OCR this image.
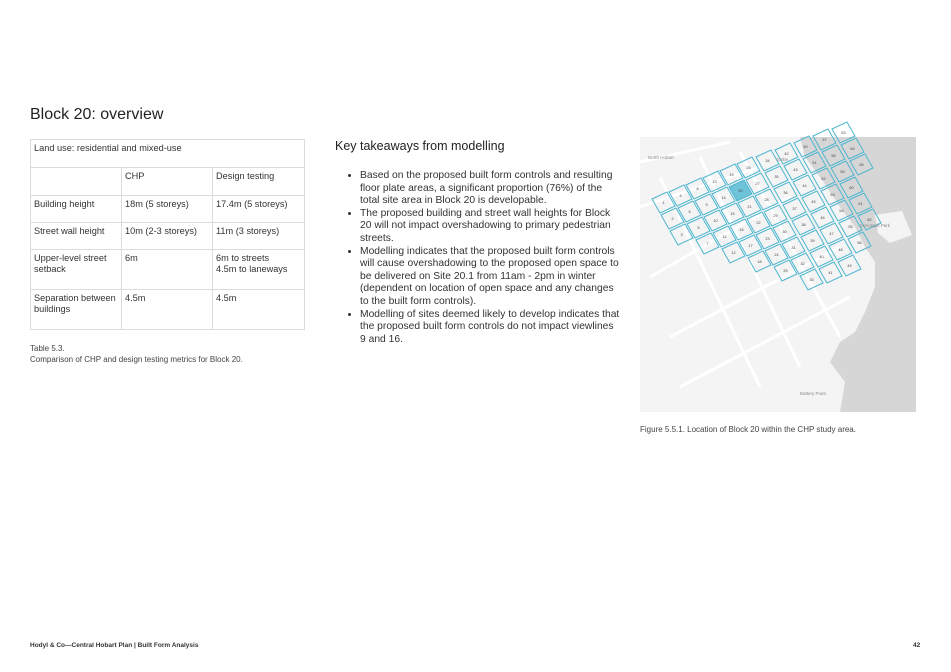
Block 20: overview
Land use: residential and mixed-use		
	CHP	Design testing
Building height	18m (5 storeys)	17.4m (5 storeys)
Street wall height	10m (2-3 storeys)	11m (3 storeys)
Upper-level street setback	6m	6m to streets
4.5m to laneways

Separation between buildings	4.5m	4.5m
Table 5.3.
Comparison of CHP and design testing metrics for Block 20.
Key takeaways from modelling
• Based on the proposed built form controls and resulting floor plate areas, a significant proportion (76%) of the total site area in Block 20 is developable.
• The proposed building and street wall heights for Block 20 will not impact overshadowing to primary pedestrian streets.
• Modelling indicates that the proposed built form controls will cause overshadowing to the proposed open space to be delivered on Site 20.1 from 11am - 2pm in winter (dependent on location of open space and any changes to the built form controls).
• Modelling of sites deemed likely to develop indicates that the proposed built form controls do not impact viewlines 9 and 16.
1
2
3
4
5
6
7
8
9
10
11
12
13
14
15
16
17
18
19
20
21
22
23
24
25
26
27
28
29
30
31
32
33
34
35
36
37
38
39
40
41
42
43
44
45
46
47
48
49
50
51
52
53
54
55
56
57
58
59
60
61
62
63
64
65
North Hobart	Glebe
Cenotaph Park
Battery Point
Figure 5.5.1. Location of Block 20 within the CHP study area.
Hodyl & Co—Central Hobart Plan | Built Form Analysis	42
